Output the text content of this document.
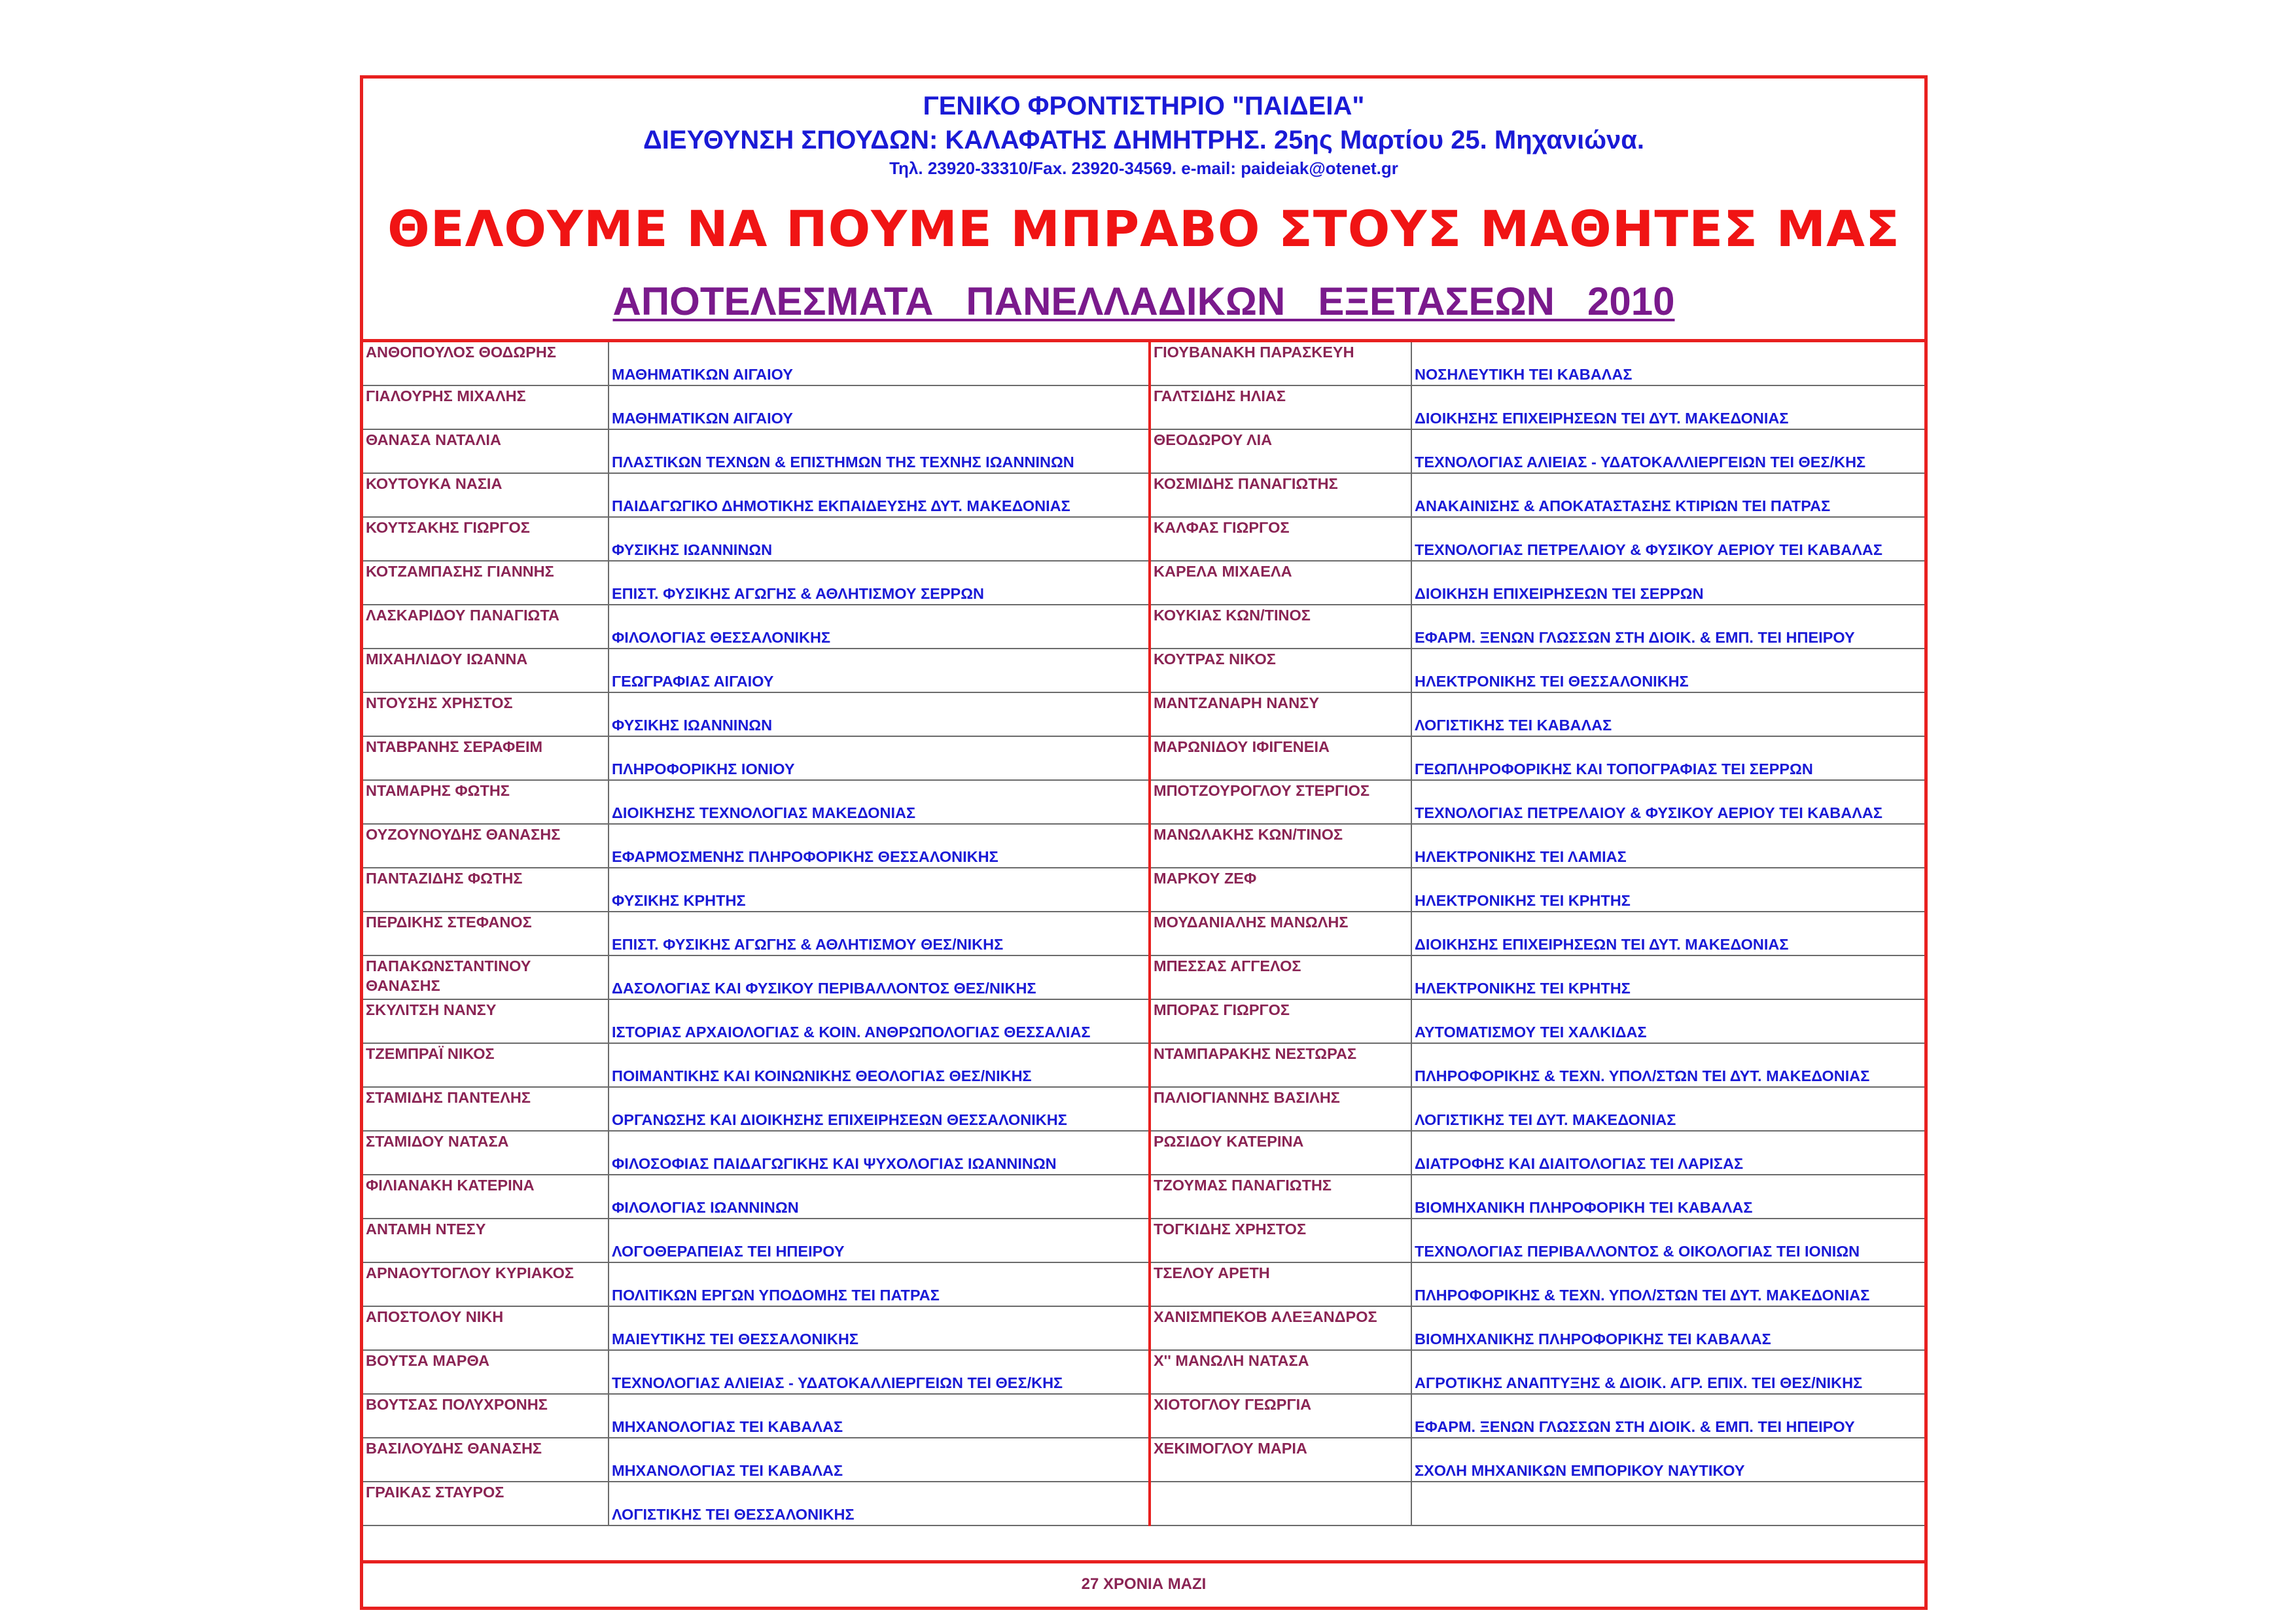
ΓΕΝΙΚΟ ΦΡΟΝΤΙΣΤΗΡΙΟ "ΠΑΙΔΕΙΑ"
ΔΙΕΥΘΥΝΣΗ ΣΠΟΥΔΩΝ: ΚΑΛΑΦΑΤΗΣ ΔΗΜΗΤΡΗΣ. 25ης Μαρτίου 25. Μηχανιώνα.
Τηλ. 23920-33310/Fax. 23920-34569. e-mail: paideiak@otenet.gr
ΘΕΛΟΥΜΕ ΝΑ ΠΟΥΜΕ ΜΠΡΑΒΟ ΣΤΟΥΣ ΜΑΘΗΤΕΣ ΜΑΣ
ΑΠΟΤΕΛΕΣΜΑΤΑ   ΠΑΝΕΛΛΑΔΙΚΩΝ   ΕΞΕΤΑΣΕΩΝ   2010
ΑΝΘΟΠΟΥΛΟΣ ΘΟΔΩΡΗΣ	ΜΑΘΗΜΑΤΙΚΩΝ ΑΙΓΑΙΟΥ	ΓΙΟΥΒΑΝΑΚΗ ΠΑΡΑΣΚΕΥΗ	ΝΟΣΗΛΕΥΤΙΚΗ ΤΕΙ ΚΑΒΑΛΑΣ
ΓΙΑΛΟΥΡΗΣ ΜΙΧΑΛΗΣ	ΜΑΘΗΜΑΤΙΚΩΝ ΑΙΓΑΙΟΥ	ΓΑΛΤΣΙΔΗΣ ΗΛΙΑΣ	ΔΙΟΙΚΗΣΗΣ ΕΠΙΧΕΙΡΗΣΕΩΝ ΤΕΙ ΔΥΤ. ΜΑΚΕΔΟΝΙΑΣ
ΘΑΝΑΣΑ ΝΑΤΑΛΙΑ	ΠΛΑΣΤΙΚΩΝ ΤΕΧΝΩΝ & ΕΠΙΣΤΗΜΩΝ ΤΗΣ ΤΕΧΝΗΣ ΙΩΑΝΝΙΝΩΝ	ΘΕΟΔΩΡΟΥ ΛΙΑ	ΤΕΧΝΟΛΟΓΙΑΣ ΑΛΙΕΙΑΣ - ΥΔΑΤΟΚΑΛΛΙΕΡΓΕΙΩΝ ΤΕΙ ΘΕΣ/ΚΗΣ
ΚΟΥΤΟΥΚΑ ΝΑΣΙΑ	ΠΑΙΔΑΓΩΓΙΚΟ ΔΗΜΟΤΙΚΗΣ ΕΚΠΑΙΔΕΥΣΗΣ ΔΥΤ. ΜΑΚΕΔΟΝΙΑΣ	ΚΟΣΜΙΔΗΣ ΠΑΝΑΓΙΩΤΗΣ	ΑΝΑΚΑΙΝΙΣΗΣ & ΑΠΟΚΑΤΑΣΤΑΣΗΣ ΚΤΙΡΙΩΝ ΤΕΙ ΠΑΤΡΑΣ
ΚΟΥΤΣΑΚΗΣ ΓΙΩΡΓΟΣ	ΦΥΣΙΚΗΣ ΙΩΑΝΝΙΝΩΝ	ΚΑΛΦΑΣ ΓΙΩΡΓΟΣ	ΤΕΧΝΟΛΟΓΙΑΣ ΠΕΤΡΕΛΑΙΟΥ & ΦΥΣΙΚΟΥ ΑΕΡΙΟΥ ΤΕΙ ΚΑΒΑΛΑΣ
ΚΟΤΖΑΜΠΑΣΗΣ ΓΙΑΝΝΗΣ	ΕΠΙΣΤ. ΦΥΣΙΚΗΣ ΑΓΩΓΗΣ & ΑΘΛΗΤΙΣΜΟΥ ΣΕΡΡΩΝ	ΚΑΡΕΛΑ ΜΙΧΑΕΛΑ	ΔΙΟΙΚΗΣΗ ΕΠΙΧΕΙΡΗΣΕΩΝ ΤΕΙ ΣΕΡΡΩΝ
ΛΑΣΚΑΡΙΔΟΥ ΠΑΝΑΓΙΩΤΑ	ΦΙΛΟΛΟΓΙΑΣ ΘΕΣΣΑΛΟΝΙΚΗΣ	ΚΟΥΚΙΑΣ ΚΩΝ/ΤΙΝΟΣ	ΕΦΑΡΜ. ΞΕΝΩΝ ΓΛΩΣΣΩΝ ΣΤΗ ΔΙΟΙΚ. & ΕΜΠ. ΤΕΙ ΗΠΕΙΡΟΥ
ΜΙΧΑΗΛΙΔΟΥ ΙΩΑΝΝΑ	ΓΕΩΓΡΑΦΙΑΣ ΑΙΓΑΙΟΥ	ΚΟΥΤΡΑΣ ΝΙΚΟΣ	ΗΛΕΚΤΡΟΝΙΚΗΣ ΤΕΙ ΘΕΣΣΑΛΟΝΙΚΗΣ
ΝΤΟΥΣΗΣ ΧΡΗΣΤΟΣ	ΦΥΣΙΚΗΣ ΙΩΑΝΝΙΝΩΝ	ΜΑΝΤΖΑΝΑΡΗ ΝΑΝΣΥ	ΛΟΓΙΣΤΙΚΗΣ ΤΕΙ ΚΑΒΑΛΑΣ
ΝΤΑΒΡΑΝΗΣ ΣΕΡΑΦΕΙΜ	ΠΛΗΡΟΦΟΡΙΚΗΣ ΙΟΝΙΟΥ	ΜΑΡΩΝΙΔΟΥ ΙΦΙΓΕΝΕΙΑ	ΓΕΩΠΛΗΡΟΦΟΡΙΚΗΣ ΚΑΙ ΤΟΠΟΓΡΑΦΙΑΣ ΤΕΙ ΣΕΡΡΩΝ
ΝΤΑΜΑΡΗΣ ΦΩΤΗΣ	ΔΙΟΙΚΗΣΗΣ ΤΕΧΝΟΛΟΓΙΑΣ ΜΑΚΕΔΟΝΙΑΣ	ΜΠΟΤΖΟΥΡΟΓΛΟΥ ΣΤΕΡΓΙΟΣ	ΤΕΧΝΟΛΟΓΙΑΣ ΠΕΤΡΕΛΑΙΟΥ & ΦΥΣΙΚΟΥ ΑΕΡΙΟΥ ΤΕΙ ΚΑΒΑΛΑΣ
ΟΥΖΟΥΝΟΥΔΗΣ ΘΑΝΑΣΗΣ	ΕΦΑΡΜΟΣΜΕΝΗΣ ΠΛΗΡΟΦΟΡΙΚΗΣ ΘΕΣΣΑΛΟΝΙΚΗΣ	ΜΑΝΩΛΑΚΗΣ ΚΩΝ/ΤΙΝΟΣ	ΗΛΕΚΤΡΟΝΙΚΗΣ ΤΕΙ ΛΑΜΙΑΣ
ΠΑΝΤΑΖΙΔΗΣ ΦΩΤΗΣ	ΦΥΣΙΚΗΣ ΚΡΗΤΗΣ	ΜΑΡΚΟΥ ΖΕΦ	ΗΛΕΚΤΡΟΝΙΚΗΣ ΤΕΙ ΚΡΗΤΗΣ
ΠΕΡΔΙΚΗΣ ΣΤΕΦΑΝΟΣ	ΕΠΙΣΤ. ΦΥΣΙΚΗΣ ΑΓΩΓΗΣ & ΑΘΛΗΤΙΣΜΟΥ ΘΕΣ/ΝΙΚΗΣ	ΜΟΥΔΑΝΙΑΛΗΣ ΜΑΝΩΛΗΣ	ΔΙΟΙΚΗΣΗΣ ΕΠΙΧΕΙΡΗΣΕΩΝ ΤΕΙ ΔΥΤ. ΜΑΚΕΔΟΝΙΑΣ
ΠΑΠΑΚΩΝΣΤΑΝΤΙΝΟΥ ΘΑΝΑΣΗΣ	ΔΑΣΟΛΟΓΙΑΣ ΚΑΙ ΦΥΣΙΚΟΥ ΠΕΡΙΒΑΛΛΟΝΤΟΣ ΘΕΣ/ΝΙΚΗΣ	ΜΠΕΣΣΑΣ ΑΓΓΕΛΟΣ	ΗΛΕΚΤΡΟΝΙΚΗΣ ΤΕΙ ΚΡΗΤΗΣ
ΣΚΥΛΙΤΣΗ ΝΑΝΣΥ	ΙΣΤΟΡΙΑΣ ΑΡΧΑΙΟΛΟΓΙΑΣ & ΚΟΙΝ. ΑΝΘΡΩΠΟΛΟΓΙΑΣ ΘΕΣΣΑΛΙΑΣ	ΜΠΟΡΑΣ ΓΙΩΡΓΟΣ	ΑΥΤΟΜΑΤΙΣΜΟΥ ΤΕΙ ΧΑΛΚΙΔΑΣ
ΤΖΕΜΠΡΑΪ ΝΙΚΟΣ	ΠΟΙΜΑΝΤΙΚΗΣ ΚΑΙ ΚΟΙΝΩΝΙΚΗΣ ΘΕΟΛΟΓΙΑΣ ΘΕΣ/ΝΙΚΗΣ	ΝΤΑΜΠΑΡΑΚΗΣ ΝΕΣΤΩΡΑΣ	ΠΛΗΡΟΦΟΡΙΚΗΣ & ΤΕΧΝ. ΥΠΟΛ/ΣΤΩΝ ΤΕΙ ΔΥΤ. ΜΑΚΕΔΟΝΙΑΣ
ΣΤΑΜΙΔΗΣ ΠΑΝΤΕΛΗΣ	ΟΡΓΑΝΩΣΗΣ ΚΑΙ ΔΙΟΙΚΗΣΗΣ ΕΠΙΧΕΙΡΗΣΕΩΝ ΘΕΣΣΑΛΟΝΙΚΗΣ	ΠΑΛΙΟΓΙΑΝΝΗΣ ΒΑΣΙΛΗΣ	ΛΟΓΙΣΤΙΚΗΣ ΤΕΙ ΔΥΤ. ΜΑΚΕΔΟΝΙΑΣ
ΣΤΑΜΙΔΟΥ ΝΑΤΑΣΑ	ΦΙΛΟΣΟΦΙΑΣ ΠΑΙΔΑΓΩΓΙΚΗΣ ΚΑΙ ΨΥΧΟΛΟΓΙΑΣ ΙΩΑΝΝΙΝΩΝ	ΡΩΣΙΔΟΥ ΚΑΤΕΡΙΝΑ	ΔΙΑΤΡΟΦΗΣ ΚΑΙ ΔΙΑΙΤΟΛΟΓΙΑΣ ΤΕΙ ΛΑΡΙΣΑΣ
ΦΙΛΙΑΝΑΚΗ ΚΑΤΕΡΙΝΑ	ΦΙΛΟΛΟΓΙΑΣ ΙΩΑΝΝΙΝΩΝ	ΤΖΟΥΜΑΣ ΠΑΝΑΓΙΩΤΗΣ	ΒΙΟΜΗΧΑΝΙΚΗ ΠΛΗΡΟΦΟΡΙΚΗ ΤΕΙ ΚΑΒΑΛΑΣ
ΑΝΤΑΜΗ ΝΤΕΣΥ	ΛΟΓΟΘΕΡΑΠΕΙΑΣ ΤΕΙ ΗΠΕΙΡΟΥ	ΤΟΓΚΙΔΗΣ ΧΡΗΣΤΟΣ	ΤΕΧΝΟΛΟΓΙΑΣ ΠΕΡΙΒΑΛΛΟΝΤΟΣ & ΟΙΚΟΛΟΓΙΑΣ ΤΕΙ ΙΟΝΙΩΝ
ΑΡΝΑΟΥΤΟΓΛΟΥ ΚΥΡΙΑΚΟΣ	ΠΟΛΙΤΙΚΩΝ ΕΡΓΩΝ ΥΠΟΔΟΜΗΣ ΤΕΙ ΠΑΤΡΑΣ	ΤΣΕΛΟΥ ΑΡΕΤΗ	ΠΛΗΡΟΦΟΡΙΚΗΣ & ΤΕΧΝ. ΥΠΟΛ/ΣΤΩΝ ΤΕΙ ΔΥΤ. ΜΑΚΕΔΟΝΙΑΣ
ΑΠΟΣΤΟΛΟΥ ΝΙΚΗ	ΜΑΙΕΥΤΙΚΗΣ ΤΕΙ ΘΕΣΣΑΛΟΝΙΚΗΣ	ΧΑΝΙΣΜΠΕΚΟΒ ΑΛΕΞΑΝΔΡΟΣ	ΒΙΟΜΗΧΑΝΙΚΗΣ ΠΛΗΡΟΦΟΡΙΚΗΣ ΤΕΙ ΚΑΒΑΛΑΣ
ΒΟΥΤΣΑ ΜΑΡΘΑ	ΤΕΧΝΟΛΟΓΙΑΣ ΑΛΙΕΙΑΣ - ΥΔΑΤΟΚΑΛΛΙΕΡΓΕΙΩΝ ΤΕΙ ΘΕΣ/ΚΗΣ	Χ'' ΜΑΝΩΛΗ ΝΑΤΑΣΑ	ΑΓΡΟΤΙΚΗΣ ΑΝΑΠΤΥΞΗΣ & ΔΙΟΙΚ. ΑΓΡ. ΕΠΙΧ. ΤΕΙ ΘΕΣ/ΝΙΚΗΣ
ΒΟΥΤΣΑΣ ΠΟΛΥΧΡΟΝΗΣ	ΜΗΧΑΝΟΛΟΓΙΑΣ ΤΕΙ ΚΑΒΑΛΑΣ	ΧΙΟΤΟΓΛΟΥ ΓΕΩΡΓΙΑ	ΕΦΑΡΜ. ΞΕΝΩΝ ΓΛΩΣΣΩΝ ΣΤΗ ΔΙΟΙΚ. & ΕΜΠ. ΤΕΙ ΗΠΕΙΡΟΥ
ΒΑΣΙΛΟΥΔΗΣ ΘΑΝΑΣΗΣ	ΜΗΧΑΝΟΛΟΓΙΑΣ ΤΕΙ ΚΑΒΑΛΑΣ	ΧΕΚΙΜΟΓΛΟΥ ΜΑΡΙΑ	ΣΧΟΛΗ ΜΗΧΑΝΙΚΩΝ ΕΜΠΟΡΙΚΟΥ ΝΑΥΤΙΚΟΥ
ΓΡΑΙΚΑΣ ΣΤΑΥΡΟΣ	ΛΟΓΙΣΤΙΚΗΣ ΤΕΙ ΘΕΣΣΑΛΟΝΙΚΗΣ		
27 ΧΡΟΝΙΑ ΜΑΖΙ
